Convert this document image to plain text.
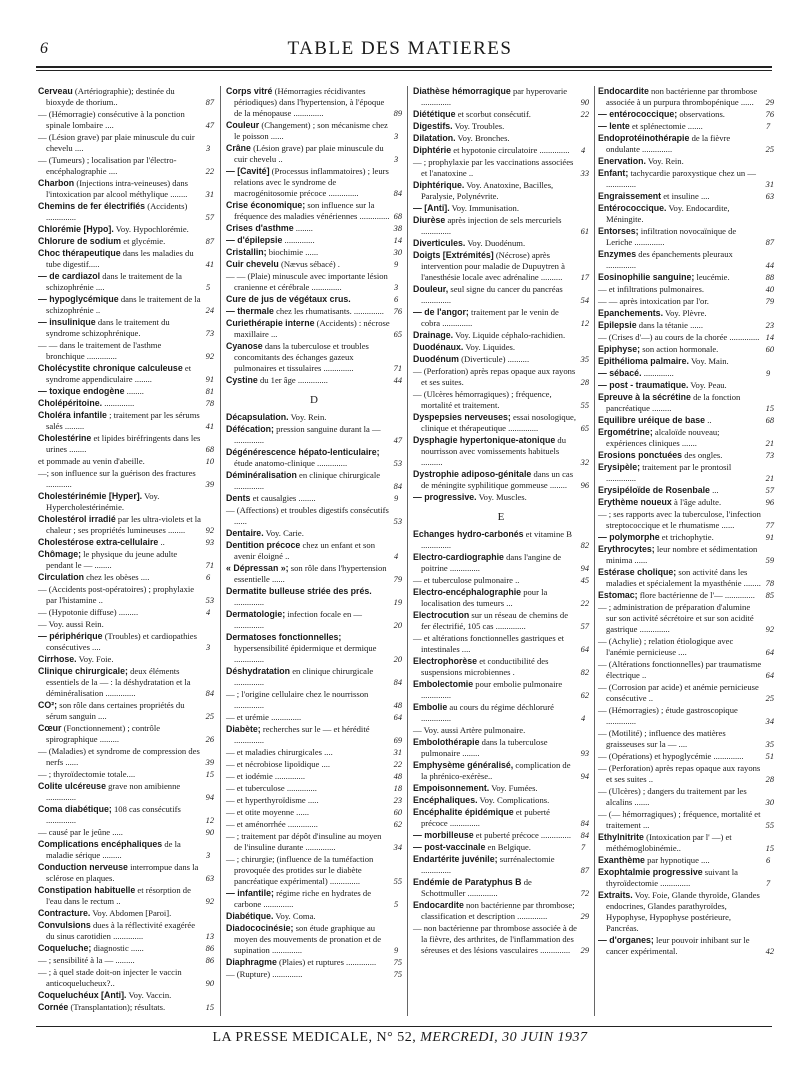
6	TABLE DES MATIERES
Cerveau (Artériographie); destinée du bioxyde de thorium..	87
— (Hémorragie) consécutive à la ponction spinale lombaire ....	47
— (Lésion grave) par plaie minuscule du cuir chevelu ....	3
— (Tumeurs) ; localisation par l'électro-encéphalographie ....	22
Charbon (Injections intra-veineuses) dans l'intoxication par alcool méthylique ........ 31
Chemins de fer électrifiés (Accidents) ..............	57
Chlorémie [Hypo]. Voy. Hypochlorémie.
Chlorure de sodium et glycémie.	87
Choc thérapeutique dans les maladies du tube digestif.....	41
— de cardiazol dans le traitement de la schizophrénie ....	5
— hypoglycémique dans le traitement de la schizophrénie ..	24
— insulinique dans le traitement du syndrome schizophrénique.	73
— — dans le traitement de l'asthme bronchique ..............	92
Cholécystite chronique calculeuse et syndrome appendiculaire ........	91
— toxique endogène ........	81
Cholépéritoine. ..............	78
Choléra infantile ; traitement par les sérums salés .........	41
Cholestérine et lipides biréfringents dans les urines ........	68
et pommade au venin d'abeille.	10
—; son influence sur la guérison des fractures ............	39
Cholestérinémie [Hyper]. Voy. Hypercholestérinémie.
Cholestérol irradié par les ultra-violets et la chaleur ; ses propriétés lumineuses ........ 92
Cholestérose extra-cellulaire ..	93
Chômage; le physique du jeune adulte pendant le — ........	71
Circulation chez les obèses ....	6
— (Accidents post-opératoires) ; prophylaxie par l'histamine ..	53
— (Hypotonie diffuse) .........	4
— Voy. aussi Rein.
— périphérique (Troubles) et cardiopathies consécutives ....	3
Cirrhose. Voy. Foie.
Clinique chirurgicale; deux éléments essentiels de la — : la déshydratation et la déminéralisation ..............	84
CO²; son rôle dans certaines propriétés du sérum sanguin ....	25
Cœur (Fonctionnement) ; contrôle spirographique .........	26
— (Maladies) et syndrome de compression des nerfs ......	39
— ; thyroïdectomie totale....	15
Colite ulcéreuse grave non amibienne ..............	94
Coma diabétique; 108 cas consécutifs ..............	12
— causé par le jeûne .....	90
Complications encéphaliques de la maladie sérique .........	3
Conduction nerveuse interrompue dans la sclérose en plaques.	63
Constipation habituelle et résorption de l'eau dans le rectum ..	92
Contracture. Voy. Abdomen [Paroi].
Convulsions dues à la réflectivité exagérée du sinus carotidien ..............	13
Coqueluche; diagnostic ......	86
— ; sensibilité à la — .........	86
— ; à quel stade doit-on injecter le vaccin anticoquelucheux?..	90
Coqueluchéux [Anti]. Voy. Vaccin.
Cornée (Transplantation); résultats.	15
Corps vitré (Hémorragies récidivantes périodiques) dans l'hypertension, à l'époque de la ménopause ..............	89
Couleur (Changement) ; son mécanisme chez le poisson ......	3
Crâne (Lésion grave) par plaie minuscule du cuir chevelu ..	3
— [Cavité] (Processus inflammatoires) ; leurs relations avec le syndrome de macrogénitosomie précoce ..............	84
Crise économique; son influence sur la fréquence des maladies vénériennes .............. 68
Crises d'asthme ........	38
— d'épilepsie ..............	14
Cristallin; biochimie ......	30
Cuir chevelu (Nævus sébacé) .	9
— — (Plaie) minuscule avec importante lésion cranienne et cérébrale ..............	3
Cure de jus de végétaux crus.	6
— thermale chez les rhumatisants. .............. 76
Curiethérapie interne (Accidents) : nécrose maxillaire ...	65
Cyanose dans la tuberculose et troubles concomitants des échanges gazeux pulmonaires et tissulaires ..............	71
Cystine du 1er âge ..............	44
D
Décapsulation. Voy. Rein.
Défécation; pression sanguine durant la — ..............	47
Dégénérescence hépato-lenticulaire; étude anatomo-clinique ..............	53
Déminéralisation en clinique chirurgicale ..............	84
Dents et causalgies ........	9
— (Affections) et troubles digestifs consécutifs ......	53
Dentaire. Voy. Carie.
Dentition précoce chez un enfant et son avenir éloigné ..	4
« Dépressan »; son rôle dans l'hypertension essentielle ......	79
Dermatite bulleuse striée des prés. ..............	19
Dermatologie; infection focale en — ..............	20
Dermatoses fonctionnelles; hypersensibilité épidermique et dermique ..............	20
Déshydratation en clinique chirurgicale ..............	84
— ; l'origine cellulaire chez le nourrisson ..............	48
— et urémie ..............	64
Diabète; recherches sur le — et hérédité ..............	69
— et maladies chirurgicales ....	31
— et nécrobiose lipoïdique ....	22
— et iodémie ..............	48
— et tuberculose ..............	18
— et hyperthyroïdisme .....	23
— et otite moyenne ......	60
— et aménorrhée ..............	62
— ; traitement par dépôt d'insuline au moyen de l'insuline durante ..............	34
— ; chirurgie; (influence de la tuméfaction provoquée des protides sur le diabète pancréatique expérimental) ..............	55
— infantile; régime riche en hydrates de carbone ..............	5
Diabétique. Voy. Coma.
Diadococinésie; son étude graphique au moyen des mouvements de pronation et de supination ..............	9
Diaphragme (Plaies) et ruptures .............. 75
— (Rupture) ..............	75
Diathèse hémorragique par hyperovarie ..............	90
Diététique et scorbut consécutif.	22
Digestifs. Voy. Troubles.
Dilatation. Voy. Bronches.
Diphtérie et hypotonie circulatoire .............. 4
— ; prophylaxie par les vaccinations associées et l'anatoxine ..	33
Diphtérique. Voy. Anatoxine, Bacilles, Paralysie, Polynévrite.
— [Anti]. Voy. Immunisation.
Diurèse après injection de sels mercuriels ..............	61
Diverticules. Voy. Duodénum.
Doigts [Extrémités] (Nécrose) après intervention pour maladie de Dupuytren à l'anesthésie locale avec adrénaline .......... 17
Douleur, seul signe du cancer du pancréas ..............	54
— de l'angor; traitement par le venin de cobra ..............	12
Drainage. Voy. Liquide céphalo-rachidien.
Duodénaux. Voy. Liquides.
Duodénum (Diverticule) ..........	35
— (Perforation) après repas opaque aux rayons et ses suites.	28
— (Ulcères hémorragiques) ; fréquence, mortalité et traitement.	55
Dyspepsies nerveuses; essai nosologique, clinique et thérapeutique ..............	65
Dysphagie hypertonique-atonique du nourrisson avec vomissements habituels ..........	32
Dystrophie adiposo-génitale dans un cas de méningite syphilitique gommeuse ........ 96
— progressive. Voy. Muscles.
E
Echanges hydro-carbonés et vitamine B ..............	82
Electro-cardiographie dans l'angine de poitrine ..............	94
— et tuberculose pulmonaire ..	45
Electro-encéphalographie pour la localisation des tumeurs ...	22
Electrocution sur un réseau de chemins de fer électrifié, 105 cas ..............	57
— et altérations fonctionnelles gastriques et intestinales ....	64
Electrophorèse et conductibilité des suspensions microbiennes .	82
Embolectomie pour embolie pulmonaire ..............	62
Embolie au cours du régime déchloruré ..............	4
— Voy. aussi Artère pulmonaire.
Embolothérapie dans la tuberculose pulmonaire ........	93
Emphysème généralisé, complication de la phrénico-exérèse..	94
Empoisonnement. Voy. Fumées.
Encéphaliques. Voy. Complications.
Encéphalite épidémique et puberté précoce ..............	84
— morbilleuse et puberté précoce .............. 84
— post-vaccinale en Belgique.	7
Endartérite juvénile; surrénalectomie ..............	87
Endémie de Paratyphus B de Schottmuller ..............	72
Endocardite non bactérienne par thrombose; classification et description ..............	29
— non bactérienne par thrombose associée à de la fièvre, des arthrites, de l'inflammation des séreuses et des lésions vasculaires .............. 29
Endocardite non bactérienne par thrombose associée à un purpura thrombopénique ...... 29
— entérococcique; observations.	76
— lente et splénectomie .......	7
Endoprotéinothérapie de la fièvre ondulante ..............	25
Enervation. Voy. Rein.
Enfant; tachycardie paroxystique chez un — ..............	31
Engraissement et insuline ....	63
Entérococcique. Voy. Endocardite, Méningite.
Entorses; infiltration novocaïnique de Leriche ..............	87
Enzymes des épanchements pleuraux ..............	44
Eosinophilie sanguine; leucémie.	88
— et infiltrations pulmonaires.	40
— — après intoxication par l'or.	79
Epanchements. Voy. Plèvre.
Epilepsie dans la tétanie ......	23
— (Crises d'—) au cours de la chorée .............. 14
Epiphyse; son action hormonale.	60
Epithélioma palmaire. Voy. Main.
— sébacé. ..............	9
— post - traumatique. Voy. Peau.
Epreuve à la sécrétine de la fonction pancréatique .........	15
Equilibre uréique de base ..	68
Ergométrine; alcaloïde nouveau; expériences cliniques .......	21
Erosions ponctuées des ongles.	73
Erysipèle; traitement par le prontosil ..............	21
Erysipéloïde de Rosenbale ...	57
Erythème noueux à l'âge adulte.	96
— ; ses rapports avec la tuberculose, l'infection streptococcique et le rhumatisme ......	77
— polymorphe et trichophytie.	91
Erythrocytes; leur nombre et sédimentation minima ......	59
Estérase cholique; son activité dans les maladies et spécialement la myasthénie ........ 78
Estomac; flore bactérienne de l'— .............. 85
— ; administration de préparation d'alumine sur son activité sécrétoire et sur son acidité gastrique ..............	92
— (Achylie) ; relation étiologique avec l'anémie pernicieuse ....	64
— (Altérations fonctionnelles) par traumatisme électrique ..	64
— (Corrosion par acide) et anémie pernicieuse consécutive ..	25
— (Hémorragies) ; étude gastroscopique ..............	34
— (Motilité) ; influence des matières graisseuses sur la — ....	35
— (Opérations) et hypoglycémie ..............	51
— (Perforation) après repas opaque aux rayons et ses suites ..	28
— (Ulcères) ; dangers du traitement par les alcalins .......	30
— (— hémorragiques) ; fréquence, mortalité et traitement ...	55
Ethylnitrite (Intoxication par l' —) et méthémoglobinémie..	15
Exanthème par hypnotique ....	6
Exophtalmie progressive suivant la thyroïdectomie ..............	7
Extraits. Voy. Foie, Glande thyroïde, Glandes endocrines, Glandes parathyroïdes, Hypophyse, Hypophyse postérieure, Pancréas.
— d'organes; leur pouvoir inhibant sur le cancer expérimental.	42
LA PRESSE MEDICALE, N° 52, MERCREDI, 30 JUIN 1937
